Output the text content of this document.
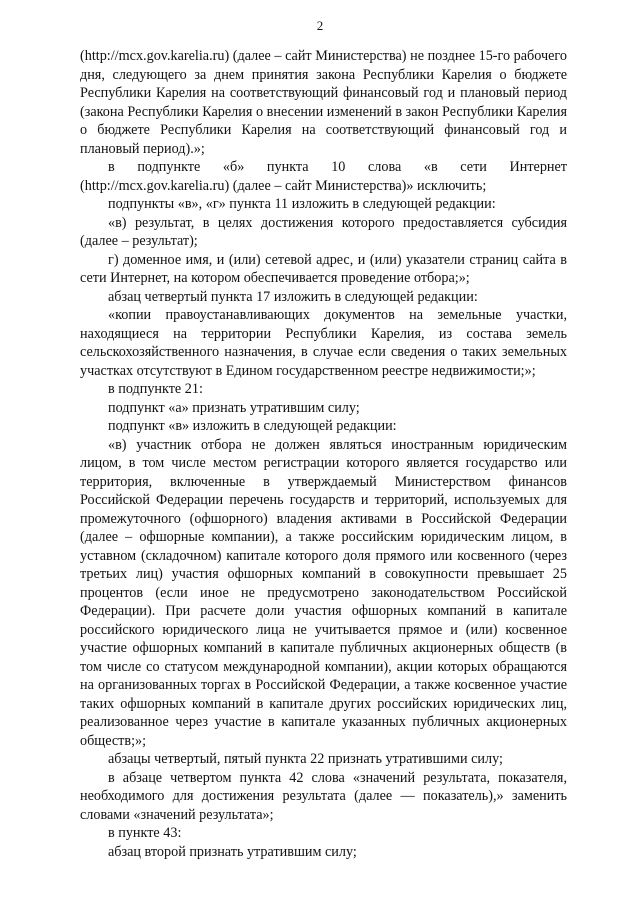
2

(http://mcx.gov.karelia.ru) (далее – сайт Министерства) не позднее 15-го рабочего дня, следующего за днем принятия закона Республики Карелия о бюджете Республики Карелия на соответствующий финансовый год и плановый период (закона Республики Карелия о внесении изменений в закон Республики Карелия о бюджете Республики Карелия на соответствующий финансовый год и плановый период).»;

в подпункте «б» пункта 10 слова «в сети Интернет (http://mcx.gov.karelia.ru) (далее – сайт Министерства)» исключить;

подпункты «в», «г» пункта 11 изложить в следующей редакции:

«в) результат, в целях достижения которого предоставляется субсидия (далее – результат);

г) доменное имя, и (или) сетевой адрес, и (или) указатели страниц сайта в сети Интернет, на котором обеспечивается проведение отбора;»;

абзац четвертый пункта 17 изложить в следующей редакции:

«копии правоустанавливающих документов на земельные участки, находящиеся на территории Республики Карелия, из состава земель сельскохозяйственного назначения, в случае если сведения о таких земельных участках отсутствуют в Едином государственном реестре недвижимости;»;

в подпункте 21:

подпункт «а» признать утратившим силу;

подпункт «в» изложить в следующей редакции:

«в) участник отбора не должен являться иностранным юридическим лицом, в том числе местом регистрации которого является государство или территория, включенные в утверждаемый Министерством финансов Российской Федерации перечень государств и территорий, используемых для промежуточного (офшорного) владения активами в Российской Федерации (далее – офшорные компании), а также российским юридическим лицом, в уставном (складочном) капитале которого доля прямого или косвенного (через третьих лиц) участия офшорных компаний в совокупности превышает 25 процентов (если иное не предусмотрено законодательством Российской Федерации). При расчете доли участия офшорных компаний в капитале российского юридического лица не учитывается прямое и (или) косвенное участие офшорных компаний в капитале публичных акционерных обществ (в том числе со статусом международной компании), акции которых обращаются на организованных торгах в Российской Федерации, а также косвенное участие таких офшорных компаний в капитале других российских юридических лиц, реализованное через участие в капитале указанных публичных акционерных обществ;»;

абзацы четвертый, пятый пункта 22 признать утратившими силу;

в абзаце четвертом пункта 42 слова «значений результата, показателя, необходимого для достижения результата (далее — показатель),» заменить словами «значений результата»;

в пункте 43:

абзац второй признать утратившим силу;
